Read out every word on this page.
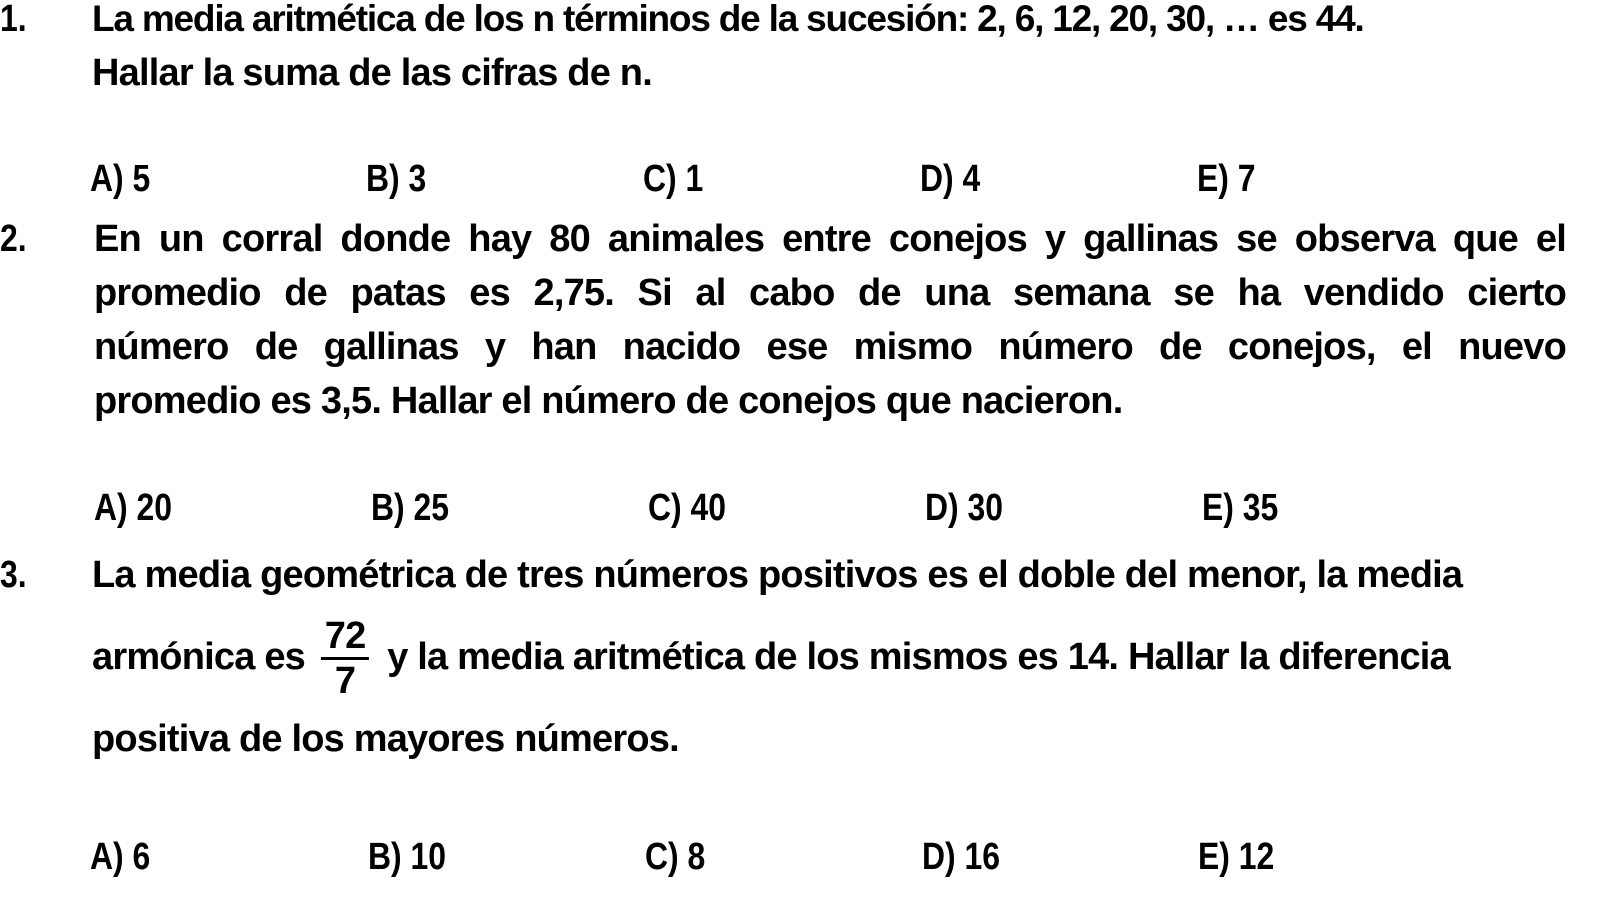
1. La media aritmética de los n términos de la sucesión: 2, 6, 12, 20, 30, … es 44.
Hallar la suma de las cifras de n.
A) 5	B) 3	C) 1	D) 4	E) 7
2. En un corral donde hay 80 animales entre conejos y gallinas se observa que el
promedio de patas es 2,75. Si al cabo de una semana se ha vendido cierto
número de gallinas y han nacido ese mismo número de conejos, el nuevo
promedio es 3,5. Hallar el número de conejos que nacieron.
A) 20	B) 25	C) 40	D) 30	E) 35
3. La media geométrica de tres números positivos es el doble del menor, la media
armónica es $\frac{72}{7}$ y la media aritmética de los mismos es 14. Hallar la diferencia
positiva de los mayores números.
A) 6	B) 10	C) 8	D) 16	E) 12
